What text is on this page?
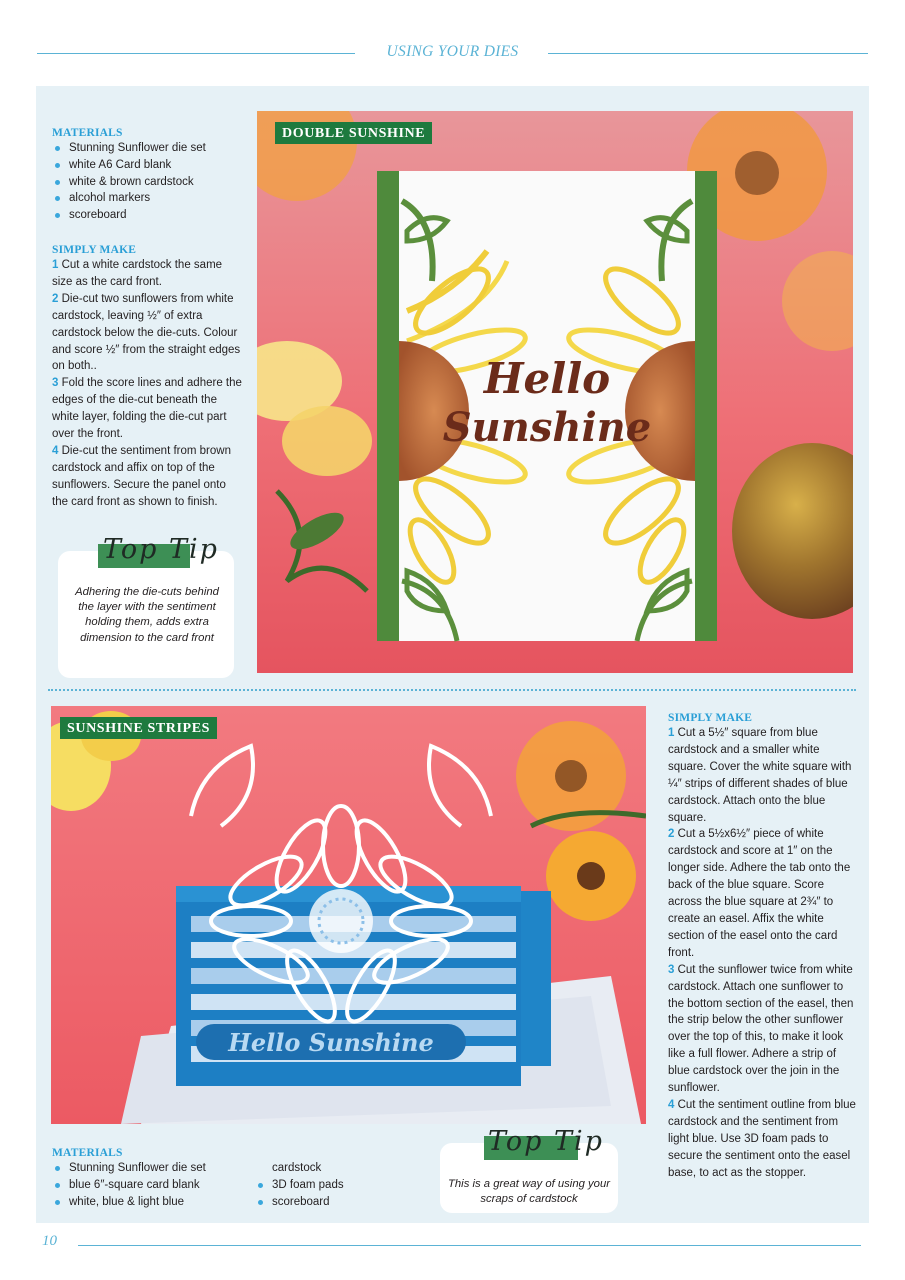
USING YOUR DIES

MATERIALS

Stunning Sunflower die set
white A6 Card blank
white & brown cardstock
alcohol markers
scoreboard

SIMPLY MAKE

1 Cut a white cardstock the same size as the card front.

2 Die-cut two sunflowers from white cardstock, leaving ½″ of extra cardstock below the die-cuts. Colour and score ½″ from the straight edges on both..

3 Fold the score lines and adhere the edges of the die-cut beneath the white layer, folding the die-cut part over the front.

4 Die-cut the sentiment from brown cardstock and affix on top of the sunflowers. Secure the panel onto the card front as shown to finish.

Top Tip
Adhering the die-cuts behind the layer with the sentiment holding them, adds extra dimension to the card front
Hello
Sunshine
DOUBLE SUNSHINE
Hello Sunshine
SUNSHINE STRIPES

SIMPLY MAKE

1 Cut a 5½″ square from blue cardstock and a smaller white square. Cover the white square with ¼″ strips of different shades of blue cardstock. Attach onto the blue square.

2 Cut a 5½x6½″ piece of white cardstock and score at 1″ on the longer side. Adhere the tab onto the back of the blue square. Score across the blue square at 2¾″ to create an easel. Affix the white section of the easel onto the card front.

3 Cut the sunflower twice from white cardstock. Attach one sunflower to the bottom section of the easel, then the strip below the other sunflower over the top of this, to make it look like a full flower. Adhere a strip of blue cardstock over the join in the sunflower.

4 Cut the sentiment outline from blue cardstock and the sentiment from light blue. Use 3D foam pads to secure the sentiment onto the easel base, to act as the stopper.

MATERIALS

Stunning Sunflower die set
blue 6″-square card blank
white, blue & light blue
cardstock
3D foam pads
scoreboard
Top Tip
This is a great way of using your scraps of cardstock
10
